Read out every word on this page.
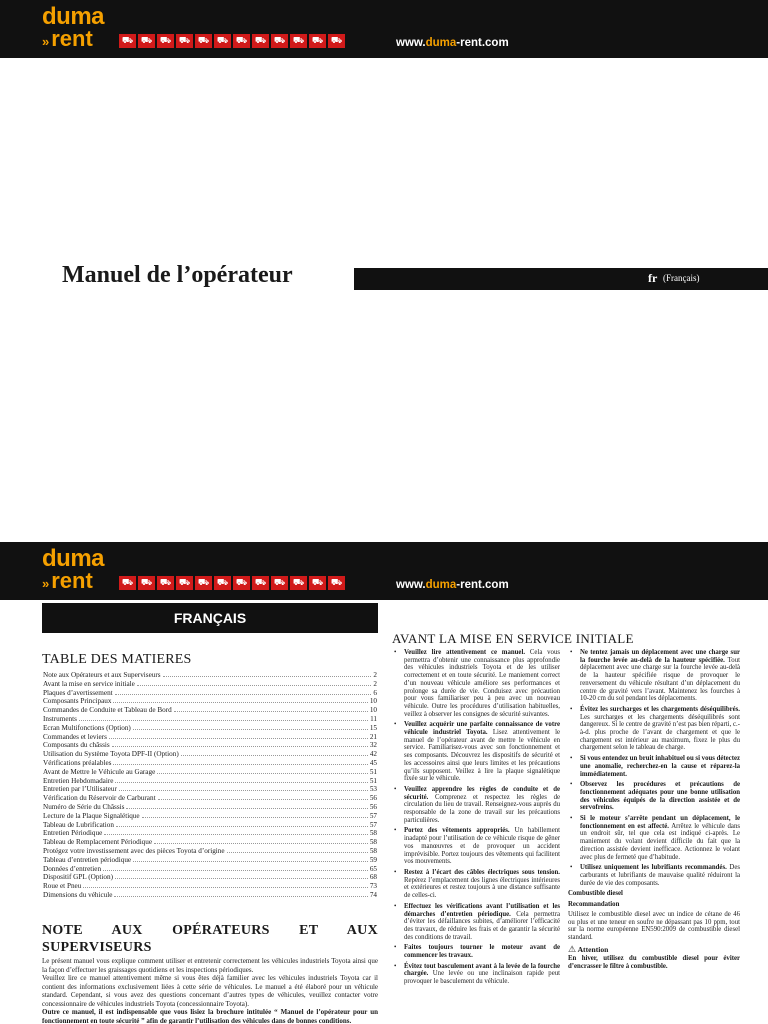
duma
»rent	⛟ ⛟ ⛟ ⛟ ⛟ ⛟ ⛟ ⛟ ⛟ ⛟ ⛟ ⛟	www.duma-rent.com
Manuel de l’opérateur	fr (Français)
duma
»rent	⛟ ⛟ ⛟ ⛟ ⛟ ⛟ ⛟ ⛟ ⛟ ⛟ ⛟ ⛟	www.duma-rent.com
FRANÇAIS
TABLE DES MATIERES
Note aux Opérateurs et aux Superviseurs	2
Avant la mise en service initiale	2
Plaques d’avertissement	6
Composants Principaux	10
Commandes de Conduite et Tableau de Bord	10
Instruments	11
Ecran Multifonctions (Option)	15
Commandes et leviers	21
Composants du châssis	32
Utilisation du Système Toyota DPF-II (Option)	42
Vérifications préalables	45
Avant de Mettre le Véhicule au Garage	51
Entretien Hebdomadaire	51
Entretien par l’Utilisateur	53
Vérification du Réservoir de Carburant	56
Numéro de Série du Châssis	56
Lecture de la Plaque Signalétique	57
Tableau de Lubrification	57
Entretien Périodique	58
Tableau de Remplacement Périodique	58
Protégez votre investissement avec des pièces Toyota d’origine	58
Tableau d’entretien périodique	59
Données d’entretien	65
Dispositif GPL (Option)	68
Roue et Pneu	73
Dimensions du véhicule	74
NOTE AUX OPÉRATEURS ET AUX SUPERVISEURS

Le présent manuel vous explique comment utiliser et entretenir correctement les véhicules industriels Toyota ainsi que la façon d’effectuer les graissages quotidiens et les inspections périodiques.

Veuillez lire ce manuel attentivement même si vous êtes déjà familier avec les véhicules industriels Toyota car il contient des informations exclusivement liées à cette série de véhicules. Le manuel a été élaboré pour un véhicule standard. Cependant, si vous avez des questions concernant d’autres types de véhicules, veuillez contacter votre concessionnaire de véhicules industriels Toyota (concessionnaire Toyota).

Outre ce manuel, il est indispensable que vous lisiez la brochure intitulée “ Manuel de l’opérateur pour un fonctionnement en toute sécurité ” afin de garantir l’utilisation des véhicules dans de bonnes conditions.

AVANT LA MISE EN SERVICE INITIALE
• Veuillez lire attentivement ce manuel. Cela vous permettra d’obtenir une connaissance plus approfondie des véhicules industriels Toyota et de les utiliser correctement et en toute sécurité. Le maniement correct d’un nouveau véhicule améliore ses performances et prolonge sa durée de vie. Conduisez avec précaution pour vous familiariser peu à peu avec un nouveau véhicule. Outre les procédures d’utilisation habituelles, veillez à observer les consignes de sécurité suivantes.
• Veuillez acquérir une parfaite connaissance de votre véhicule industriel Toyota. Lisez attentivement le manuel de l’opérateur avant de mettre le véhicule en service. Familiarisez-vous avec son fonctionnement et ses composants. Découvrez les dispositifs de sécurité et les accessoires ainsi que leurs limites et les précautions qu’ils supposent. Veillez à lire la plaque signalétique fixée sur le véhicule.
• Veuillez apprendre les règles de conduite et de sécurité. Comprenez et respectez les règles de circulation du lieu de travail. Renseignez-vous auprès du responsable de la zone de travail sur les précautions particulières.
• Portez des vêtements appropriés. Un habillement inadapté pour l’utilisation de ce véhicule risque de gêner vos manœuvres et de provoquer un accident imprévisible. Portez toujours des vêtements qui facilitent vos mouvements.
• Restez à l’écart des câbles électriques sous tension. Repérez l’emplacement des lignes électriques intérieures et extérieures et restez toujours à une distance suffisante de celles-ci.
• Effectuez les vérifications avant l’utilisation et les démarches d’entretien périodique. Cela permettra d’éviter les défaillances subites, d’améliorer l’efficacité des travaux, de réduire les frais et de garantir la sécurité des conditions de travail.
• Faites toujours tourner le moteur avant de commencer les travaux.
• Évitez tout basculement avant à la levée de la fourche chargée. Une levée ou une inclinaison rapide peut provoquer le basculement du véhicule.
• Ne tentez jamais un déplacement avec une charge sur la fourche levée au-delà de la hauteur spécifiée. Tout déplacement avec une charge sur la fourche levée au-delà de la hauteur spécifiée risque de provoquer le renversement du véhicule résultant d’un déplacement du centre de gravité vers l’avant. Maintenez les fourches à 10-20 cm du sol pendant les déplacements.
• Évitez les surcharges et les chargements déséquilibrés. Les surcharges et les chargements déséquilibrés sont dangereux. Si le centre de gravité n’est pas bien réparti, c.-à-d. plus proche de l’avant de chargement et que le chargement est intérieur au maximum, fixez le plus du chargement selon le tableau de charge.
• Si vous entendez un bruit inhabituel ou si vous détectez une anomalie, recherchez-en la cause et réparez-la immédiatement.
• Observez les procédures et précautions de fonctionnement adéquates pour une bonne utilisation des véhicules équipés de la direction assistée et de servofreins.
• Si le moteur s’arrête pendant un déplacement, le fonctionnement en est affecté. Arrêtez le véhicule dans un endroit sûr, tel que cela est indiqué ci-après. Le maniement du volant devient difficile du fait que la direction assistée devient inefficace. Actionnez le volant avec plus de fermeté que d’habitude.
• Utilisez uniquement les lubrifiants recommandés. Des carburants et lubrifiants de mauvaise qualité réduiront la durée de vie des composants.
Combustible diesel
Recommandation
Utilisez le combustible diesel avec un indice de cétane de 46 ou plus et une teneur en soufre ne dépassant pas 10 ppm, tout sur la norme européenne EN590:2009 de combustible diesel standard.
⚠ Attention
En hiver, utilisez du combustible diesel pour éviter d’encrasser le filtre à combustible.
